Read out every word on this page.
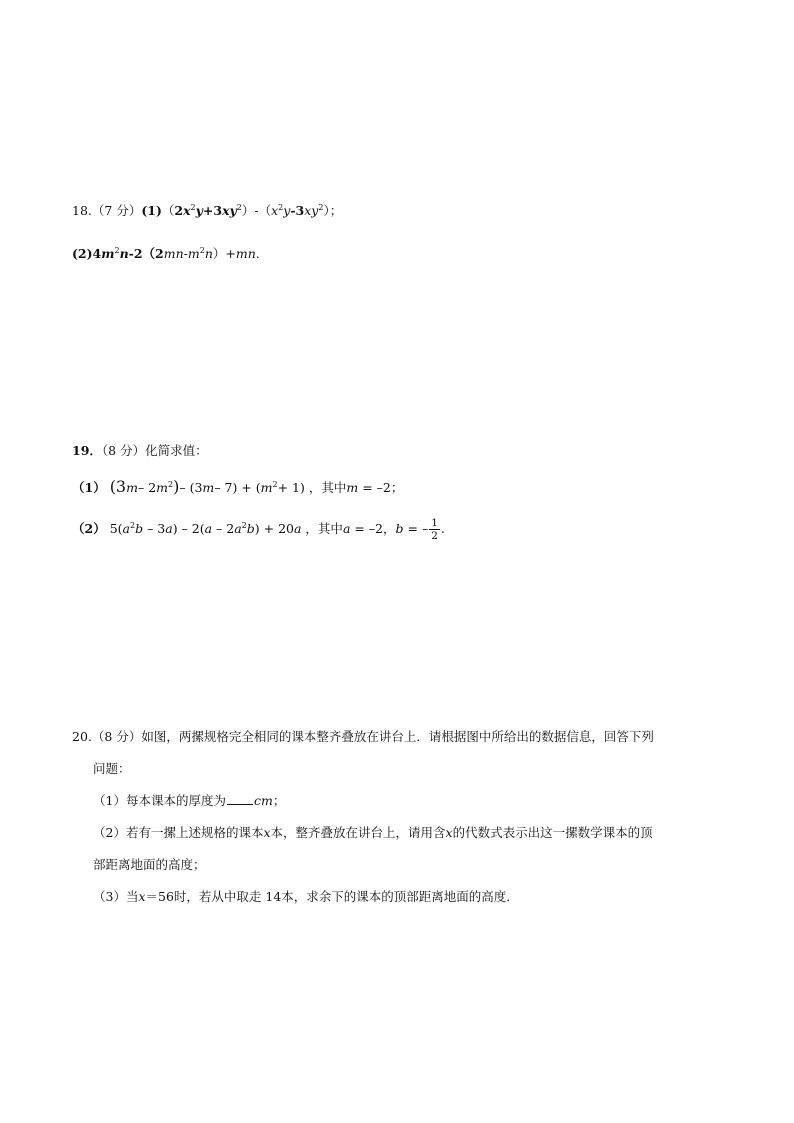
18.（7 分）$(1)(2x^2y+3xy^2)-(x^2y-3xy^2)$；
$(2)4m^2n-2(2mn-m^2n)+mn$.
19．（8 分）化简求值：
（1） (3m– $2m^2)-$ (3m– $7) + (m^2+ 1)$ ，其中m = –2；
（2） $5(a^2b - 3a) - 2(a - 2a^2b) + 20a$ ，其中a = –2，b = – $\frac{1}{2}$ .
20.（8 分）如图，两摞规格完全相同的课本整齐叠放在讲台上．请根据图中所给出的数据信息，回答下列
问题：
（1）每本课本的厚度为 cm；
（2）若有一摞上述规格的课本x本，整齐叠放在讲台上，请用含x的代数式表示出这一摞数学课本的顶
部距离地面的高度；
（3）当x＝56时，若从中取走 14本，求余下的课本的顶部距离地面的高度．
